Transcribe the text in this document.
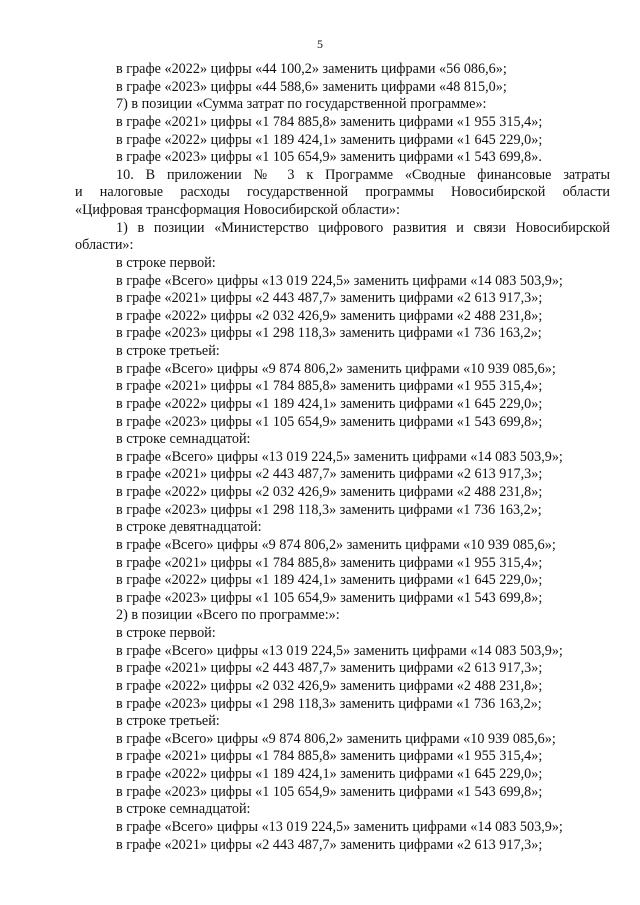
5
в графе «2022» цифры «44 100,2» заменить цифрами «56 086,6»;
в графе «2023» цифры «44 588,6» заменить цифрами «48 815,0»;
7) в позиции «Сумма затрат по государственной программе»:
в графе «2021» цифры «1 784 885,8» заменить цифрами «1 955 315,4»;
в графе «2022» цифры «1 189 424,1» заменить цифрами «1 645 229,0»;
в графе «2023» цифры «1 105 654,9» заменить цифрами «1 543 699,8».
10. В приложении № 3 к Программе «Сводные финансовые затраты
и налоговые расходы государственной программы Новосибирской области
«Цифровая трансформация Новосибирской области»:
1) в позиции «Министерство цифрового развития и связи Новосибирской
области»:
в строке первой:
в графе «Всего» цифры «13 019 224,5» заменить цифрами «14 083 503,9»;
в графе «2021» цифры «2 443 487,7» заменить цифрами «2 613 917,3»;
в графе «2022» цифры «2 032 426,9» заменить цифрами «2 488 231,8»;
в графе «2023» цифры «1 298 118,3» заменить цифрами «1 736 163,2»;
в строке третьей:
в графе «Всего» цифры «9 874 806,2» заменить цифрами «10 939 085,6»;
в графе «2021» цифры «1 784 885,8» заменить цифрами «1 955 315,4»;
в графе «2022» цифры «1 189 424,1» заменить цифрами «1 645 229,0»;
в графе «2023» цифры «1 105 654,9» заменить цифрами «1 543 699,8»;
в строке семнадцатой:
в графе «Всего» цифры «13 019 224,5» заменить цифрами «14 083 503,9»;
в графе «2021» цифры «2 443 487,7» заменить цифрами «2 613 917,3»;
в графе «2022» цифры «2 032 426,9» заменить цифрами «2 488 231,8»;
в графе «2023» цифры «1 298 118,3» заменить цифрами «1 736 163,2»;
в строке девятнадцатой:
в графе «Всего» цифры «9 874 806,2» заменить цифрами «10 939 085,6»;
в графе «2021» цифры «1 784 885,8» заменить цифрами «1 955 315,4»;
в графе «2022» цифры «1 189 424,1» заменить цифрами «1 645 229,0»;
в графе «2023» цифры «1 105 654,9» заменить цифрами «1 543 699,8»;
2) в позиции «Всего по программе:»:
в строке первой:
в графе «Всего» цифры «13 019 224,5» заменить цифрами «14 083 503,9»;
в графе «2021» цифры «2 443 487,7» заменить цифрами «2 613 917,3»;
в графе «2022» цифры «2 032 426,9» заменить цифрами «2 488 231,8»;
в графе «2023» цифры «1 298 118,3» заменить цифрами «1 736 163,2»;
в строке третьей:
в графе «Всего» цифры «9 874 806,2» заменить цифрами «10 939 085,6»;
в графе «2021» цифры «1 784 885,8» заменить цифрами «1 955 315,4»;
в графе «2022» цифры «1 189 424,1» заменить цифрами «1 645 229,0»;
в графе «2023» цифры «1 105 654,9» заменить цифрами «1 543 699,8»;
в строке семнадцатой:
в графе «Всего» цифры «13 019 224,5» заменить цифрами «14 083 503,9»;
в графе «2021» цифры «2 443 487,7» заменить цифрами «2 613 917,3»;
